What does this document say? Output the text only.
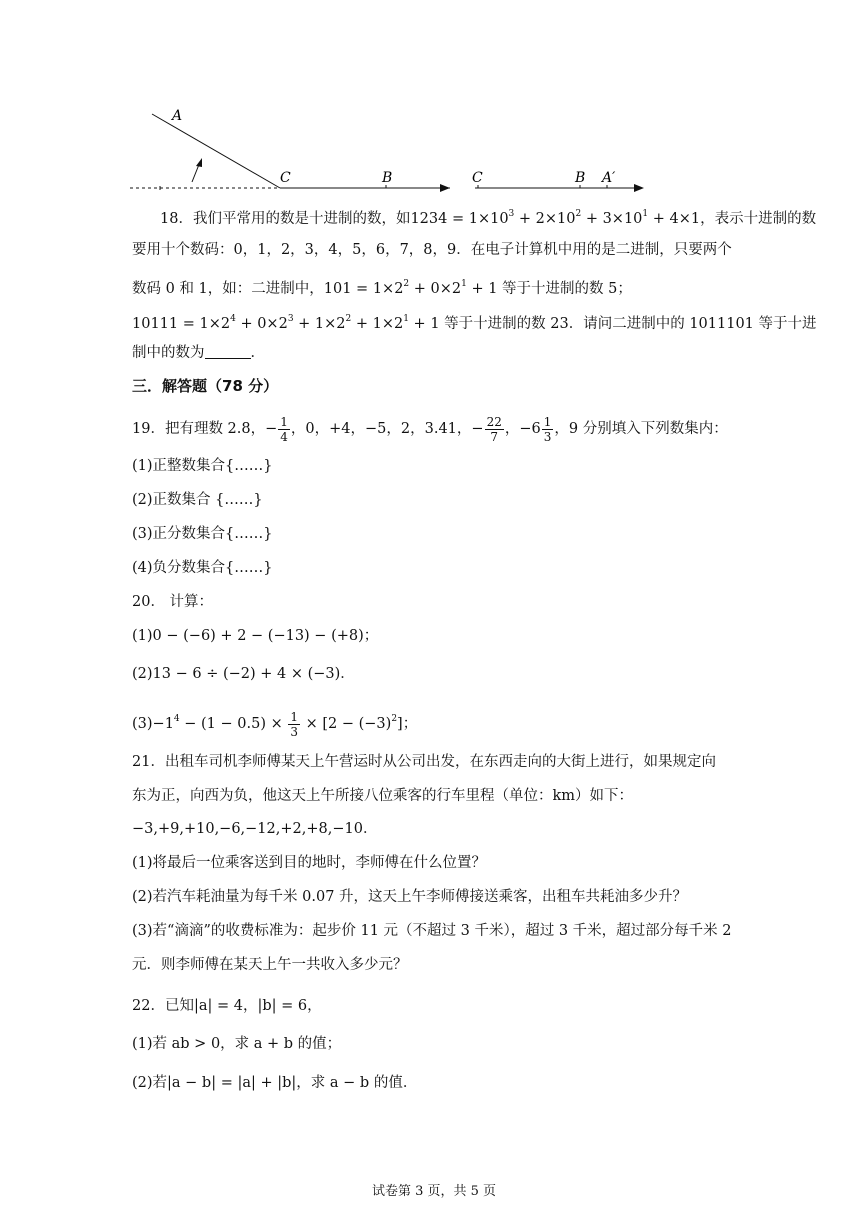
A
C	B	C	B A′
18．我们平常用的数是十进制的数，如$1234 = 1\times 10^3 + 2\times 10^2 + 3\times 10^1 + 4\times 1$，表示十进制的数
要用十个数码：0，1，2，3，4，5，6，7，8，9．在电子计算机中用的是二进制，只要两个
数码 0 和 1，如：二进制中，$101 = 1\times 2^2 + 0\times 2^1 + 1$ 等于十进制的数 5；
$10111 = 1\times 2^4 + 0\times 2^3 + 1\times 2^2 + 1\times 2^1 + 1$ 等于十进制的数 23．请问二进制中的 1011101 等于十进
制中的数为	．
三．解答题（78 分）
19．把有理数 2.8，− $\frac{1}{4}$ ，0，+4，−5，2，3.41，− $\frac{22}{7}$ ，$-6 \frac{1}{3}$ ，9 分别填入下列数集内：
(1)正整数集合{……}
(2)正数集合 {……}
(3)正分数集合{……}
(4)负分数集合{……}
20． 计算：
(1)0 − (−6) + 2 − (−13) − (+8)；
(2)13 − 6 ÷ (−2) + 4 × (−3)．
$(3)-1^4 - (1 - 0.5) \times \frac{1}{3} \times [2 - (-3)^2]$；
21．出租车司机李师傅某天上午营运时从公司出发，在东西走向的大街上进行，如果规定向
东为正，向西为负，他这天上午所接八位乘客的行车里程（单位：km）如下：
−3,+9,+10,−6,−12,+2,+8,−10．
(1)将最后一位乘客送到目的地时，李师傅在什么位置？
(2)若汽车耗油量为每千米 0.07 升，这天上午李师傅接送乘客，出租车共耗油多少升？
(3)若“滴滴”的收费标准为：起步价 11 元（不超过 3 千米），超过 3 千米，超过部分每千米 2
元．则李师傅在某天上午一共收入多少元？
22．已知|a| = 4，|b| = 6，
(1)若 ab > 0，求 a + b 的值；
(2)若|a − b| = |a| + |b|，求 a − b 的值．
试卷第 3 页，共 5 页
